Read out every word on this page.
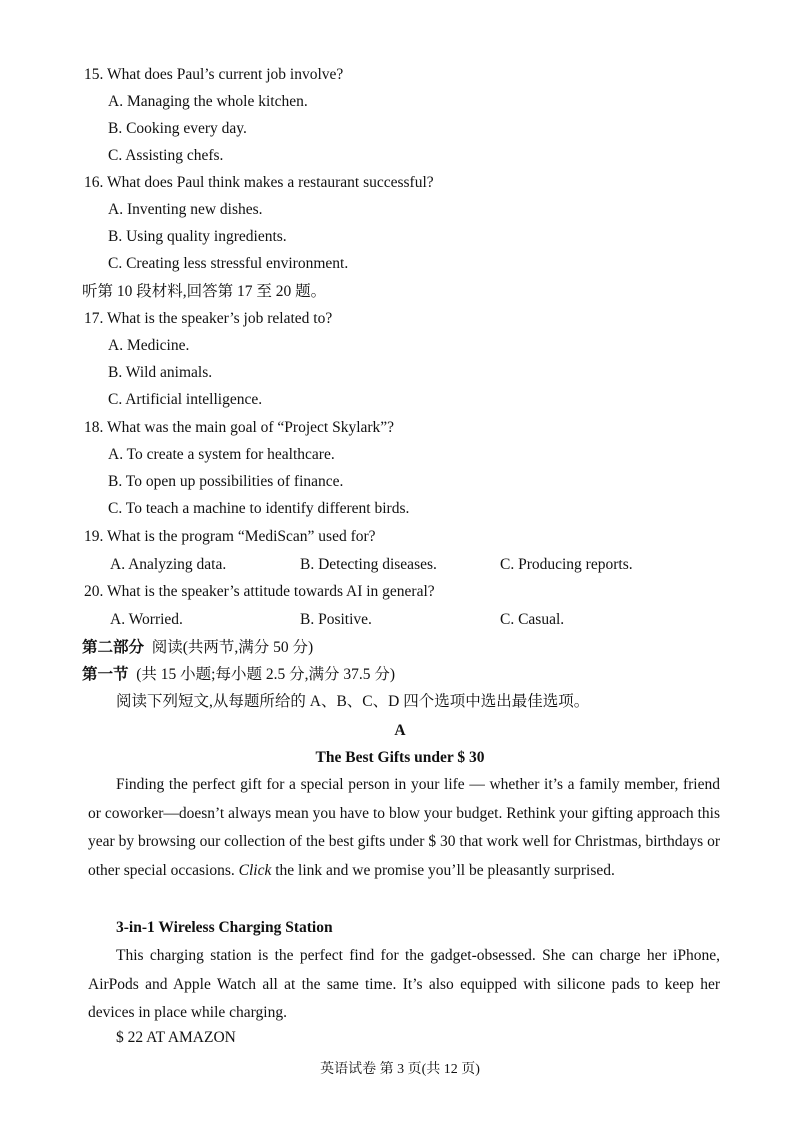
15. What does Paul’s current job involve?
A. Managing the whole kitchen.
B. Cooking every day.
C. Assisting chefs.
16. What does Paul think makes a restaurant successful?
A. Inventing new dishes.
B. Using quality ingredients.
C. Creating less stressful environment.
听第 10 段材料,回答第 17 至 20 题。
17. What is the speaker’s job related to?
A. Medicine.
B. Wild animals.
C. Artificial intelligence.
18. What was the main goal of “Project Skylark”?
A. To create a system for healthcare.
B. To open up possibilities of finance.
C. To teach a machine to identify different birds.
19. What is the program “MediScan” used for?
A. Analyzing data.	B. Detecting diseases.	C. Producing reports.
20. What is the speaker’s attitude towards AI in general?
A. Worried.	B. Positive.	C. Casual.
第二部分 阅读(共两节,满分 50 分)
第一节 (共 15 小题;每小题 2.5 分,满分 37.5 分)
阅读下列短文,从每题所给的 A、B、C、D 四个选项中选出最佳选项。
A
The Best Gifts under $ 30
Finding the perfect gift for a special person in your life — whether it’s a family member, friend or coworker—doesn’t always mean you have to blow your budget. Rethink your gifting approach this year by browsing our collection of the best gifts under $ 30 that work well for Christmas, birthdays or other special occasions. Click the link and we promise you’ll be pleasantly surprised.
3-in-1 Wireless Charging Station
This charging station is the perfect find for the gadget-obsessed. She can charge her iPhone, AirPods and Apple Watch all at the same time. It’s also equipped with silicone pads to keep her devices in place while charging.
$ 22 AT AMAZON
英语试卷 第 3 页(共 12 页)
